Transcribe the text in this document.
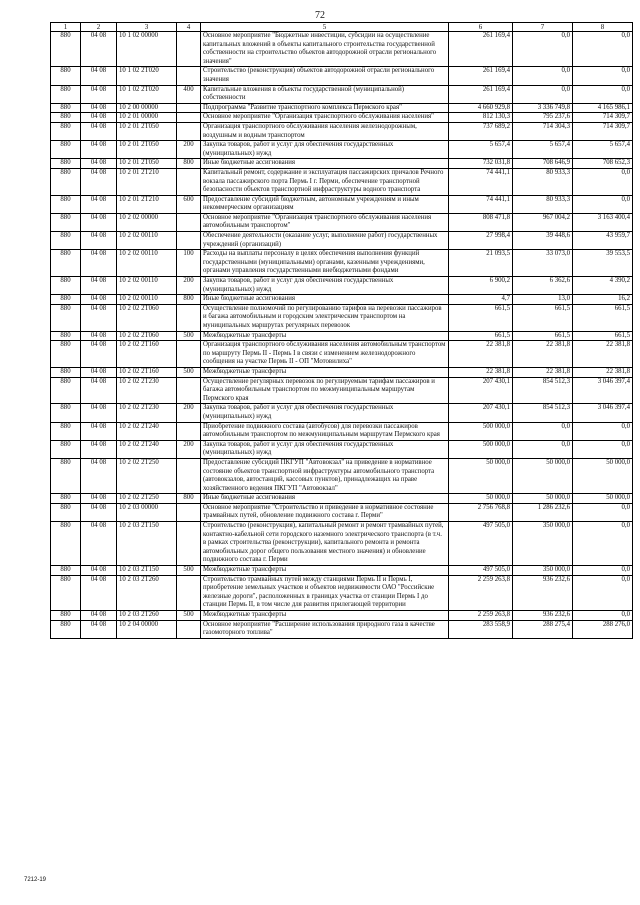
72
1	2	3	4	5	6	7	8
880	04 08	10 1 02 00000		Основное мероприятие "Бюджетные инвестиции, субсидии на осуществление капитальных вложений в объекты капитального строительства государственной собственности на строительство объектов автодорожной отрасли регионального значения"	261 169,4	0,0	0,0
880	04 08	10 1 02 2Т020		Строительство (реконструкция) объектов автодорожной отрасли регионального значения	261 169,4	0,0	0,0
880	04 08	10 1 02 2Т020	400	Капитальные вложения в объекты государственной (муниципальной) собственности	261 169,4	0,0	0,0
880	04 08	10 2 00 00000		Подпрограмма "Развитие транспортного комплекса Пермского края"	4 660 929,8	3 336 749,8	4 165 986,1
880	04 08	10 2 01 00000		Основное мероприятие "Организация транспортного обслуживания населения"	812 130,3	795 237,6	714 309,7
880	04 08	10 2 01 2Т050		Организация транспортного обслуживания населения железнодорожным, воздушным и водным транспортом	737 689,2	714 304,3	714 309,7
880	04 08	10 2 01 2Т050	200	Закупка товаров, работ и услуг для обеспечения государственных (муниципальных) нужд	5 657,4	5 657,4	5 657,4
880	04 08	10 2 01 2Т050	800	Иные бюджетные ассигнования	732 031,8	708 646,9	708 652,3
880	04 08	10 2 01 2Т210		Капитальный ремонт, содержание и эксплуатация пассажирских причалов Речного вокзала пассажирского порта Пермь I г. Перми, обеспечение транспортной безопасности объектов транспортной инфраструктуры водного транспорта	74 441,1	80 933,3	0,0
880	04 08	10 2 01 2Т210	600	Предоставление субсидий бюджетным, автономным учреждениям и иным некоммерческим организациям	74 441,1	80 933,3	0,0
880	04 08	10 2 02 00000		Основное мероприятие "Организация транспортного обслуживания населения автомобильным транспортом"	808 471,8	967 004,2	3 163 400,4
880	04 08	10 2 02 00110		Обеспечение деятельности (оказание услуг, выполнение работ) государственных учреждений (организаций)	27 998,4	39 448,6	43 959,7
880	04 08	10 2 02 00110	100	Расходы на выплаты персоналу в целях обеспечения выполнения функций государственными (муниципальными) органами, казенными учреждениями, органами управления государственными внебюджетными фондами	21 093,5	33 073,0	39 553,5
880	04 08	10 2 02 00110	200	Закупка товаров, работ и услуг для обеспечения государственных (муниципальных) нужд	6 900,2	6 362,6	4 390,2
880	04 08	10 2 02 00110	800	Иные бюджетные ассигнования	4,7	13,0	16,2
880	04 08	10 2 02 2Т060		Осуществление полномочий по регулированию тарифов на перевозки пассажиров и багажа автомобильным и городским электрическим транспортом на муниципальных маршрутах регулярных перевозок	661,5	661,5	661,5
880	04 08	10 2 02 2Т060	500	Межбюджетные трансферты	661,5	661,5	661,5
880	04 08	10 2 02 2Т160		Организация транспортного обслуживания населения автомобильным транспортом по маршруту Пермь II - Пермь I в связи с изменением железнодорожного сообщения на участке Пермь II - ОП "Мотовилиха"	22 381,8	22 381,8	22 381,8
880	04 08	10 2 02 2Т160	500	Межбюджетные трансферты	22 381,8	22 381,8	22 381,8
880	04 08	10 2 02 2Т230		Осуществление регулярных перевозок по регулируемым тарифам пассажиров и багажа автомобильным транспортом по межмуниципальным маршрутам Пермского края	207 430,1	854 512,3	3 046 397,4
880	04 08	10 2 02 2Т230	200	Закупка товаров, работ и услуг для обеспечения государственных (муниципальных) нужд	207 430,1	854 512,3	3 046 397,4
880	04 08	10 2 02 2Т240		Приобретение подвижного состава (автобусов) для перевозки пассажиров автомобильным транспортом по межмуниципальным маршрутам Пермского края	500 000,0	0,0	0,0
880	04 08	10 2 02 2Т240	200	Закупка товаров, работ и услуг для обеспечения государственных (муниципальных) нужд	500 000,0	0,0	0,0
880	04 08	10 2 02 2Т250		Предоставление субсидий ПКГУП "Автовокзал" на приведение в нормативное состояние объектов транспортной инфраструктуры автомобильного транспорта (автовокзалов, автостанций, кассовых пунктов), принадлежащих на праве хозяйственного ведения ПКГУП "Автовокзал"	50 000,0	50 000,0	50 000,0
880	04 08	10 2 02 2Т250	800	Иные бюджетные ассигнования	50 000,0	50 000,0	50 000,0
880	04 08	10 2 03 00000		Основное мероприятие "Строительство и приведение в нормативное состояние трамвайных путей, обновление подвижного состава г. Перми"	2 756 768,8	1 286 232,6	0,0
880	04 08	10 2 03 2Т150		Строительство (реконструкция), капитальный ремонт и ремонт трамвайных путей, контактно-кабельной сети городского наземного электрического транспорта (в т.ч. в рамках строительства (реконструкции), капитального ремонта и ремонта автомобильных дорог общего пользования местного значения) и обновление подвижного состава г. Перми	497 505,0	350 000,0	0,0
880	04 08	10 2 03 2Т150	500	Межбюджетные трансферты	497 505,0	350 000,0	0,0
880	04 08	10 2 03 2Т260		Строительство трамвайных путей между станциями Пермь II и Пермь I, приобретение земельных участков и объектов недвижимости ОАО "Российские железные дороги", расположенных в границах участка от станции Пермь I до станции Пермь II, в том числе для развития прилегающей территории	2 259 263,8	936 232,6	0,0
880	04 08	10 2 03 2Т260	500	Межбюджетные трансферты	2 259 263,8	936 232,6	0,0
880	04 08	10 2 04 00000		Основное мероприятие "Расширение использования природного газа в качестве газомоторного топлива"	283 558,9	288 275,4	288 276,0
7212-19
